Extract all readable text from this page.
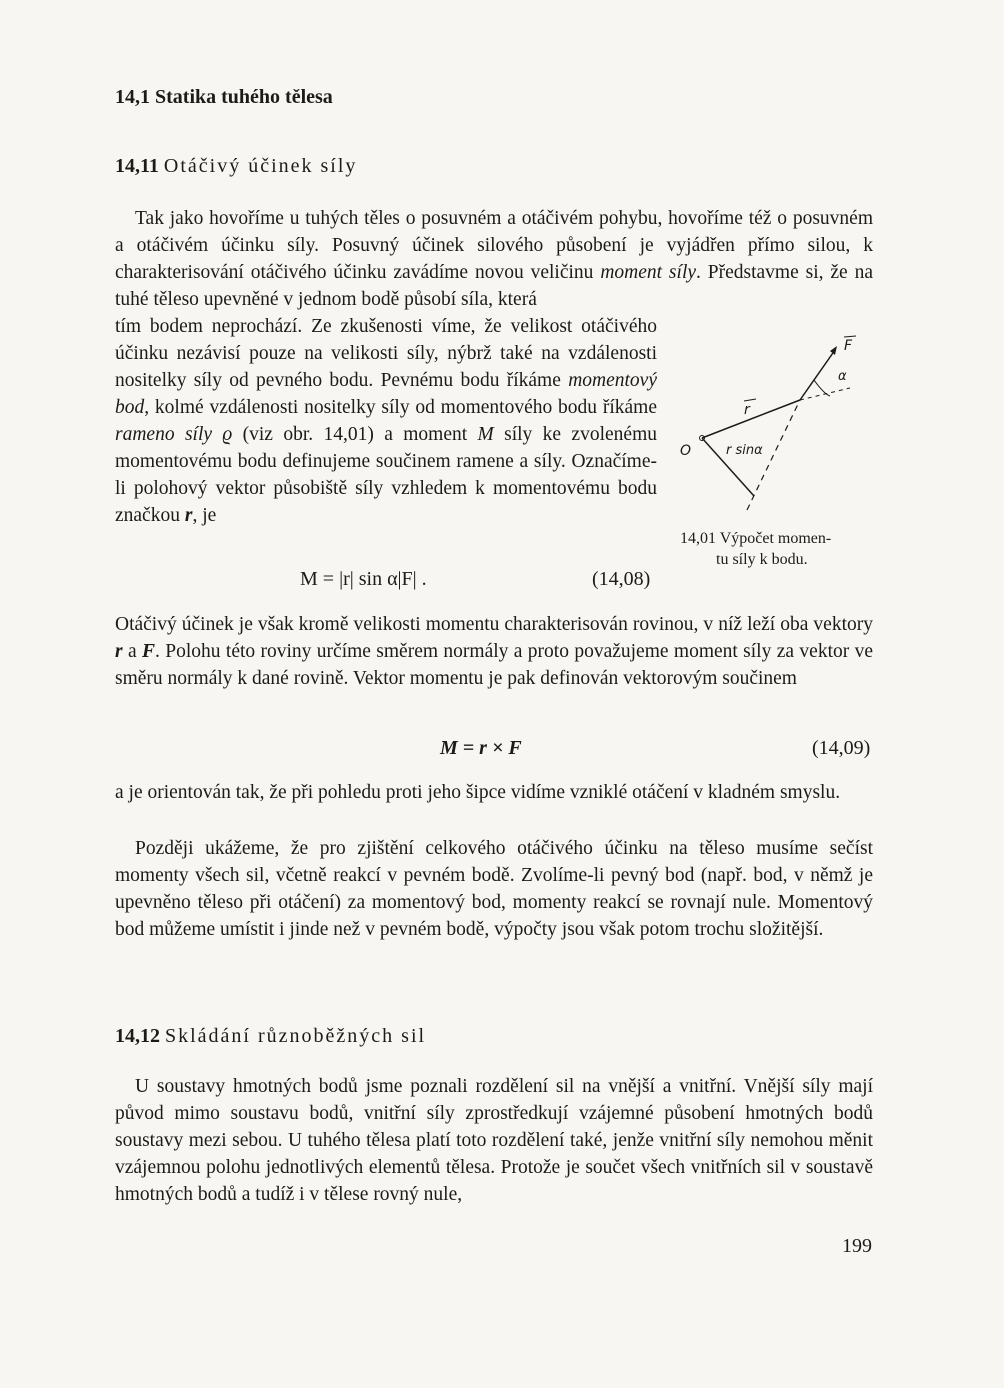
14,1 Statika tuhého tělesa
14,11 Otáčivý účinek síly

Tak jako hovoříme u tuhých těles o posuvném a otáčivém pohybu, hovoříme též o posuvném a otáčivém účinku síly. Posuvný účinek silového působení je vyjádřen přímo silou, k charakterisování otáčivého účinku zavádíme novou veličinu moment síly. Představme si, že na tuhé těleso upevněné v jednom bodě působí síla, která

tím bodem neprochází. Ze zkušenosti víme, že velikost otáčivého účinku nezávisí pouze na velikosti síly, nýbrž také na vzdálenosti nositelky síly od pevného bodu. Pevnému bodu říkáme momentový bod, kolmé vzdálenosti nositelky síly od momentového bodu říkáme rameno síly ϱ (viz obr. 14,01) a moment M síly ke zvolenému momentovému bodu definujeme součinem ramene a síly. Označíme-li polohový vektor působiště síly vzhledem k momentovému bodu značkou r, je

M = |r| sin α|F| .	(14,08)
O
r
F
α
r sinα
14,01 Výpočet momen-
tu síly k bodu.

Otáčivý účinek je však kromě velikosti momentu charakterisován rovinou, v níž leží oba vektory r a F. Polohu této roviny určíme směrem normály a proto považujeme moment síly za vektor ve směru normály k dané rovině. Vektor momentu je pak definován vektorovým součinem

M = r × F	(14,09)

a je orientován tak, že při pohledu proti jeho šipce vidíme vzniklé otáčení v kladném smyslu.

Později ukážeme, že pro zjištění celkového otáčivého účinku na těleso musíme sečíst momenty všech sil, včetně reakcí v pevném bodě. Zvolíme-li pevný bod (např. bod, v němž je upevněno těleso při otáčení) za momentový bod, momenty reakcí se rovnají nule. Momentový bod můžeme umístit i jinde než v pevném bodě, výpočty jsou však potom trochu složitější.

14,12 Skládání různoběžných sil

U soustavy hmotných bodů jsme poznali rozdělení sil na vnější a vnitřní. Vnější síly mají původ mimo soustavu bodů, vnitřní síly zprostředkují vzájemné působení hmotných bodů soustavy mezi sebou. U tuhého tělesa platí toto rozdělení také, jenže vnitřní síly nemohou měnit vzájemnou polohu jednotlivých elementů tělesa. Protože je součet všech vnitřních sil v soustavě hmotných bodů a tudíž i v tělese rovný nule,

199
